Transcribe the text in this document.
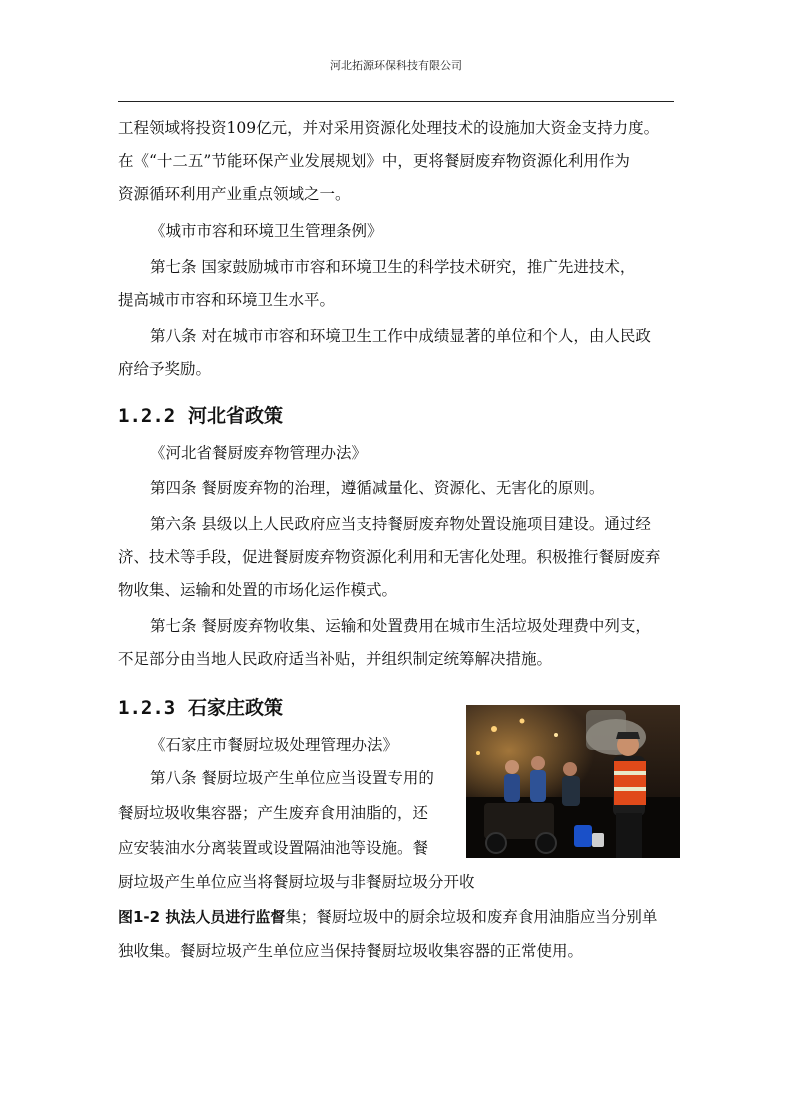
河北拓源环保科技有限公司
工程领域将投资109亿元，并对采用资源化处理技术的设施加大资金支持力度。
在《“十二五”节能环保产业发展规划》中，更将餐厨废弃物资源化利用作为
资源循环利用产业重点领域之一。
《城市市容和环境卫生管理条例》
第七条 国家鼓励城市市容和环境卫生的科学技术研究，推广先进技术，
提高城市市容和环境卫生水平。
第八条 对在城市市容和环境卫生工作中成绩显著的单位和个人，由人民政
府给予奖励。
1.2.2 河北省政策
《河北省餐厨废弃物管理办法》
第四条 餐厨废弃物的治理，遵循减量化、资源化、无害化的原则。
第六条 县级以上人民政府应当支持餐厨废弃物处置设施项目建设。通过经
济、技术等手段，促进餐厨废弃物资源化利用和无害化处理。积极推行餐厨废弃
物收集、运输和处置的市场化运作模式。
第七条 餐厨废弃物收集、运输和处置费用在城市生活垃圾处理费中列支，
不足部分由当地人民政府适当补贴，并组织制定统筹解决措施。
1.2.3 石家庄政策
《石家庄市餐厨垃圾处理管理办法》
第八条 餐厨垃圾产生单位应当设置专用的
餐厨垃圾收集容器；产生废弃食用油脂的，还
应安装油水分离装置或设置隔油池等设施。餐
厨垃圾产生单位应当将餐厨垃圾与非餐厨垃圾分开收
图1-2 执法人员进行监督集；餐厨垃圾中的厨余垃圾和废弃食用油脂应当分别单
独收集。餐厨垃圾产生单位应当保持餐厨垃圾收集容器的正常使用。
